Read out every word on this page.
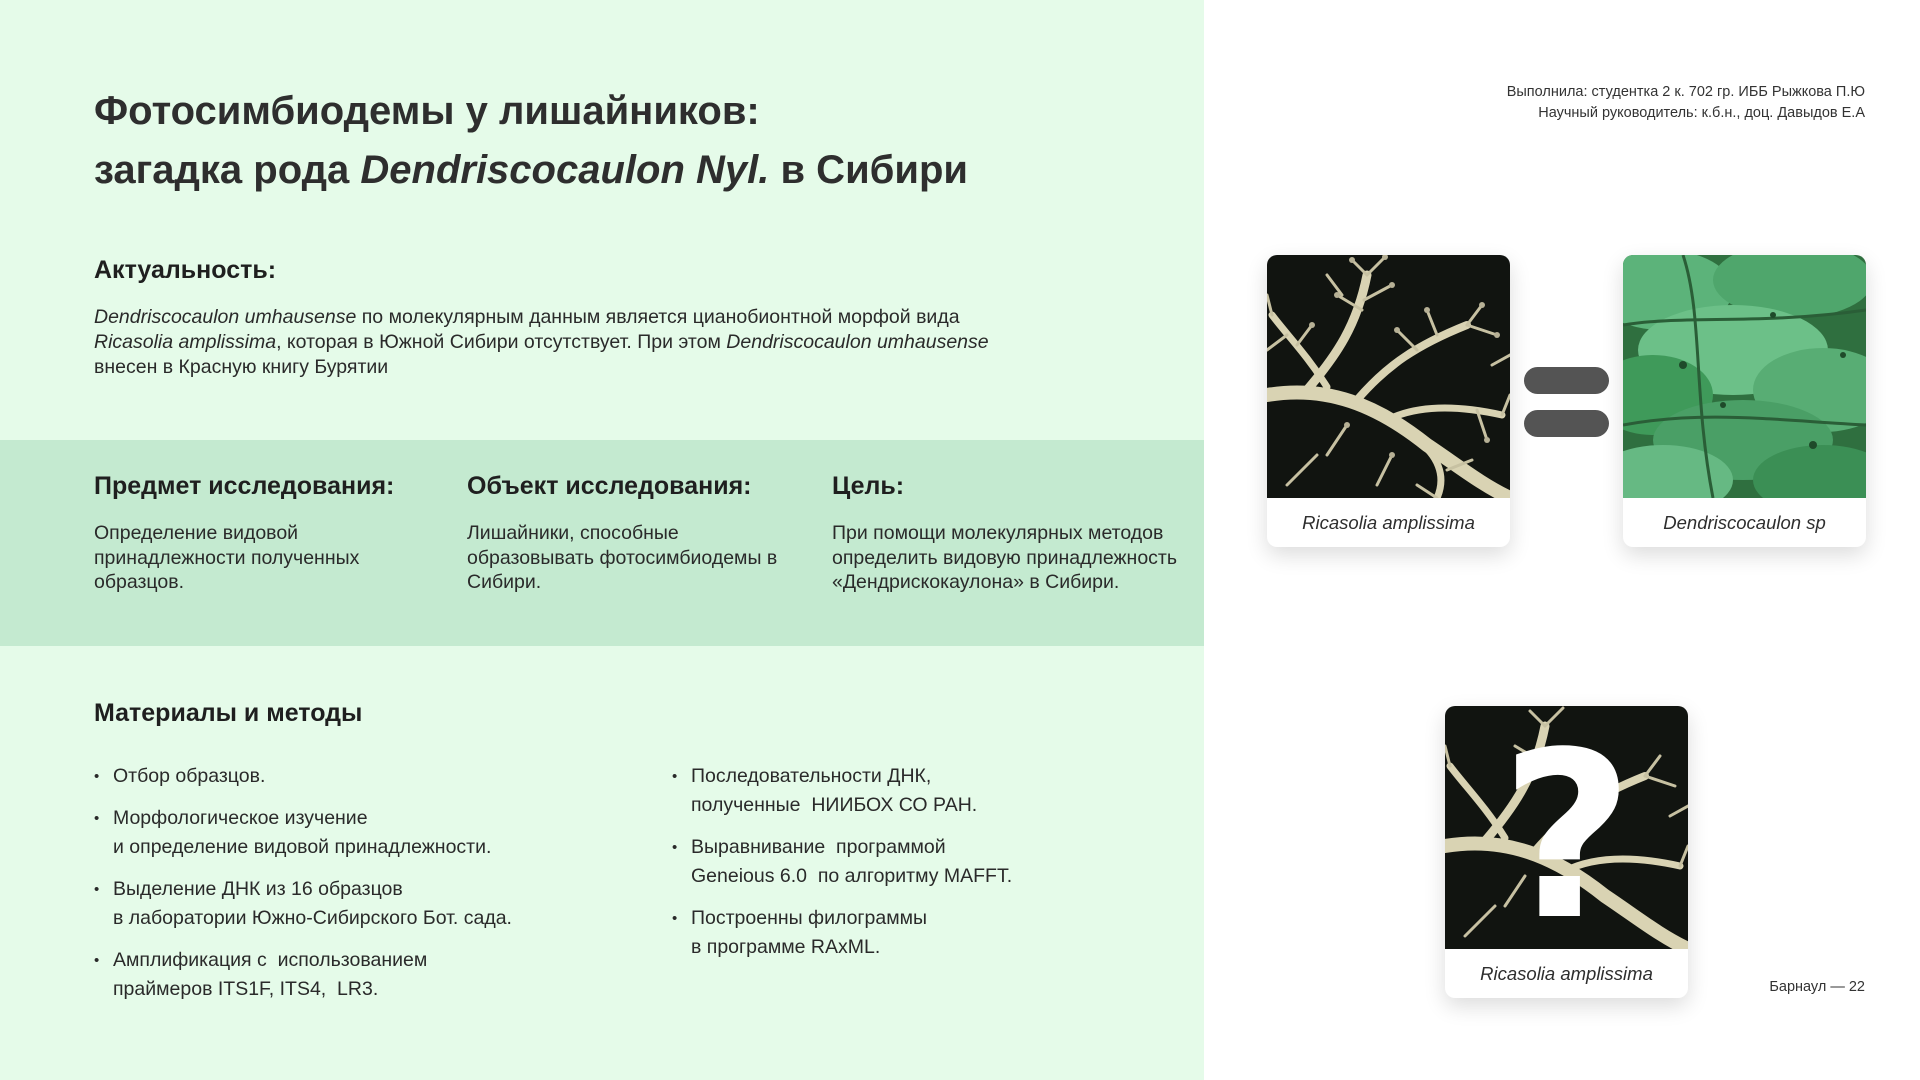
Фотосимбиодемы у лишайников:
загадка рода Dendriscocaulon Nyl. в Сибири
Выполнила: студентка 2 к. 702 гр. ИББ Рыжкова П.Ю
Научный руководитель: к.б.н., доц. Давыдов Е.А
Актуальность:

Dendriscocaulon umhausense по молекулярным данным является цианобионтной морфой вида
Ricasolia amplissima, которая в Южной Сибири отсутствует. При этом Dendriscocaulon umhausense
внесен в Красную книгу Бурятии

Предмет исследования:

Определение видовой принадлежности полученных образцов.

Объект исследования:

Лишайники, способные образовывать фотосимбиодемы в Сибири.

Цель:

При помощи молекулярных методов определить видовую принадлежность «Дендрискокаулона» в Сибири.

Материалы и методы
• Отбор образцов.
• Морфологическое изучение
и определение видовой принадлежности.
• Выделение ДНК из 16 образцов
в лаборатории Южно-Сибирского Бот. сада.
• Амплификация с  использованием
праймеров ITS1F, ITS4,  LR3.
• Последовательности ДНК,
полученные  НИИБОХ СО РАН.
• Выравнивание  программой
Geneious 6.0  по алгоритму MAFFT.
• Построенны филограммы
в программе RAxML.
Ricasolia amplissima	Dendriscocaulon sp
?
Ricasolia amplissima
Барнаул — 22
